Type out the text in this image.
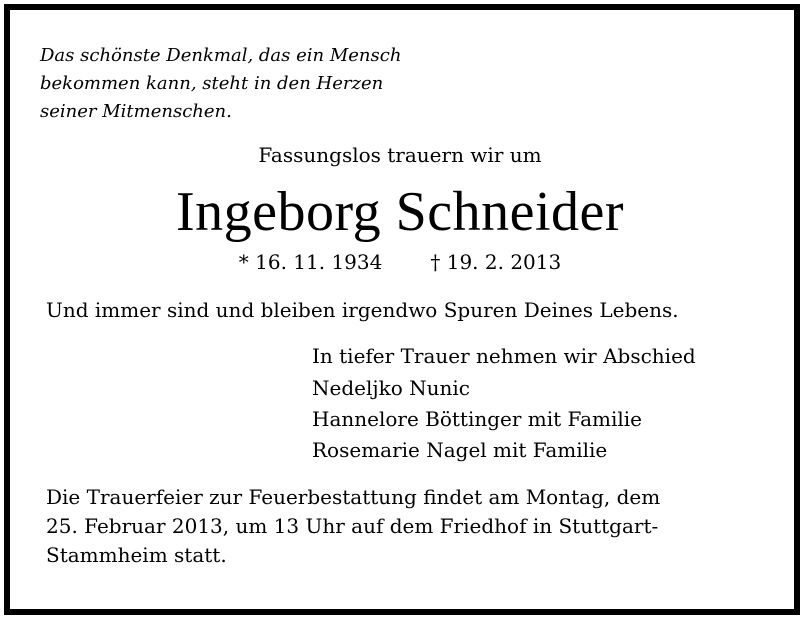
Das schönste Denkmal, das ein Mensch
bekommen kann, steht in den Herzen
seiner Mitmenschen.
Fassungslos trauern wir um
Ingeborg Schneider
* 16. 11. 1934 † 19. 2. 2013
Und immer sind und bleiben irgendwo Spuren Deines Lebens.
In tiefer Trauer nehmen wir Abschied
Nedeljko Nunic
Hannelore Böttinger mit Familie
Rosemarie Nagel mit Familie
Die Trauerfeier zur Feuerbestattung findet am Montag, dem
25. Februar 2013, um 13 Uhr auf dem Friedhof in Stuttgart-
Stammheim statt.
